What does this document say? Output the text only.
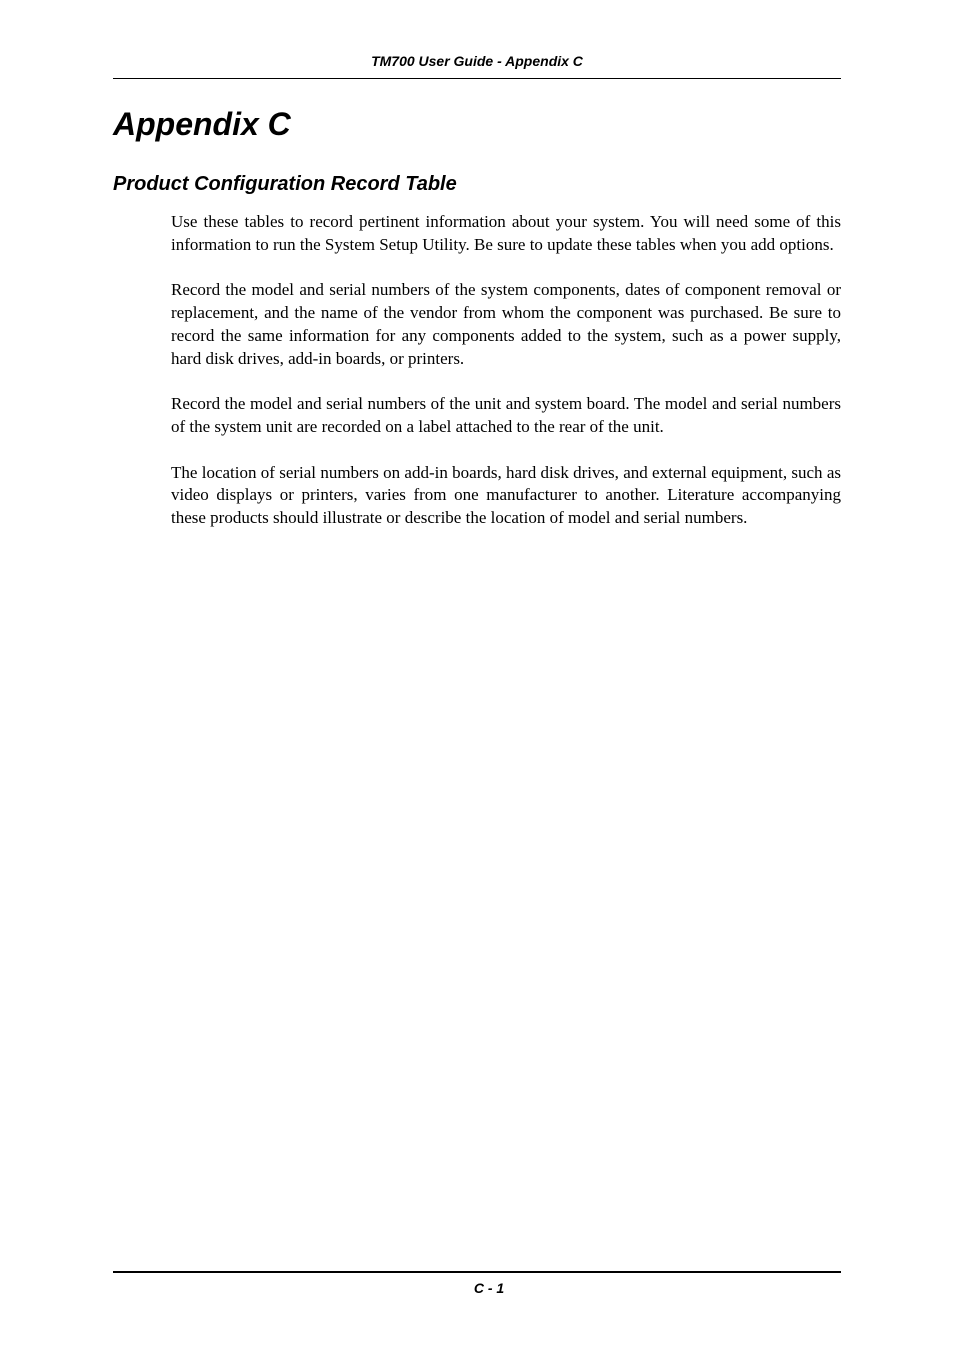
TM700 User Guide - Appendix C
Appendix C
Product Configuration Record Table

Use these tables to record pertinent information about your system. You will need some of this information to run the System Setup Utility. Be sure to update these tables when you add options.

Record the model and serial numbers of the system components, dates of component removal or replacement, and the name of the vendor from whom the component was purchased. Be sure to record the same information for any components added to the system, such as a power supply, hard disk drives, add-in boards, or printers.

Record the model and serial numbers of the unit and system board. The model and serial numbers of the system unit are recorded on a label attached to the rear of the unit.

The location of serial numbers on add-in boards, hard disk drives, and external equipment, such as video displays or printers, varies from one manufacturer to another. Literature accompanying these products should illustrate or describe the location of model and serial numbers.

C - 1
